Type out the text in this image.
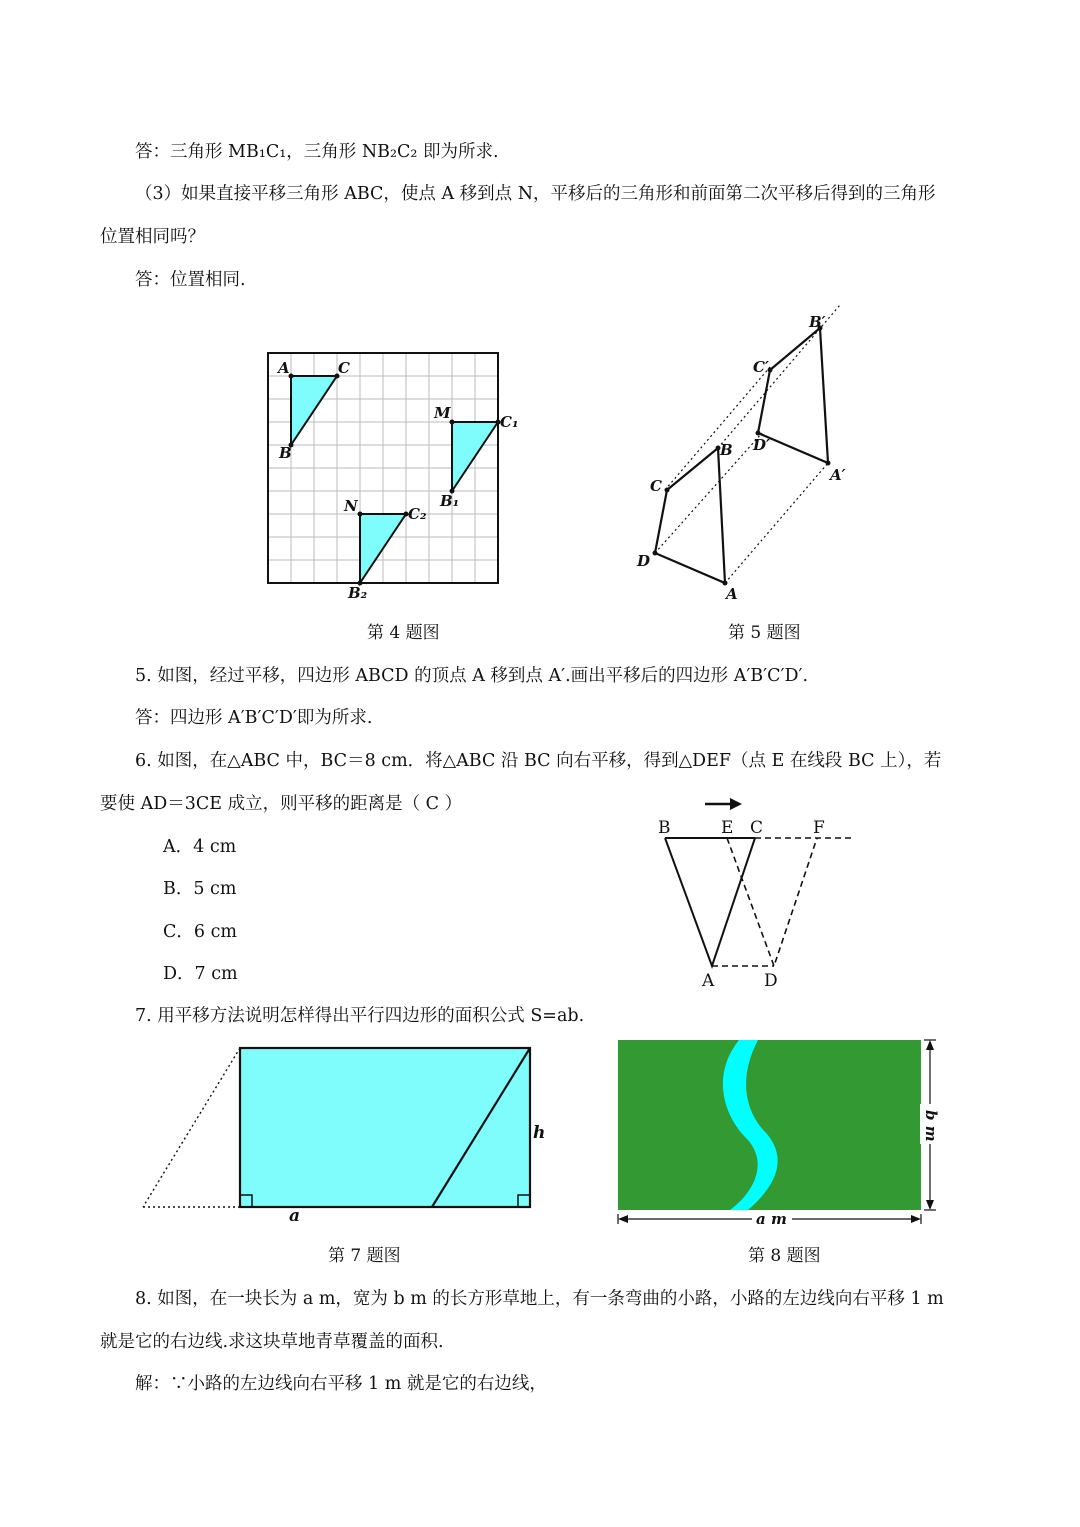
答：三角形 MB₁C₁，三角形 NB₂C₂ 即为所求.
（3）如果直接平移三角形 ABC，使点 A 移到点 N，平移后的三角形和前面第二次平移后得到的三角形
位置相同吗？
答：位置相同.
A	C
B
M	C₁
B₁
N	C₂
B₂	A
B
C
D
A′
B′
C′
D′
第 4 题图	第 5 题图
5. 如图，经过平移，四边形 ABCD 的顶点 A 移到点 A′.画出平移后的四边形 A′B′C′D′.
答：四边形 A′B′C′D′即为所求.
6. 如图，在△ABC 中，BC＝8 cm．将△ABC 沿 BC 向右平移，得到△DEF（点 E 在线段 BC 上），若
要使 AD＝3CE 成立，则平移的距离是（ C ）
A．4 cm
B．5 cm
C．6 cm
D．7 cm
B	E C	F
A	D
7. 用平移方法说明怎样得出平行四边形的面积公式 S=ab.
h
a
b m
a m
第 7 题图	第 8 题图
8. 如图，在一块长为 a m，宽为 b m 的长方形草地上，有一条弯曲的小路，小路的左边线向右平移 1 m
就是它的右边线.求这块草地青草覆盖的面积.
解：∵小路的左边线向右平移 1 m 就是它的右边线，
